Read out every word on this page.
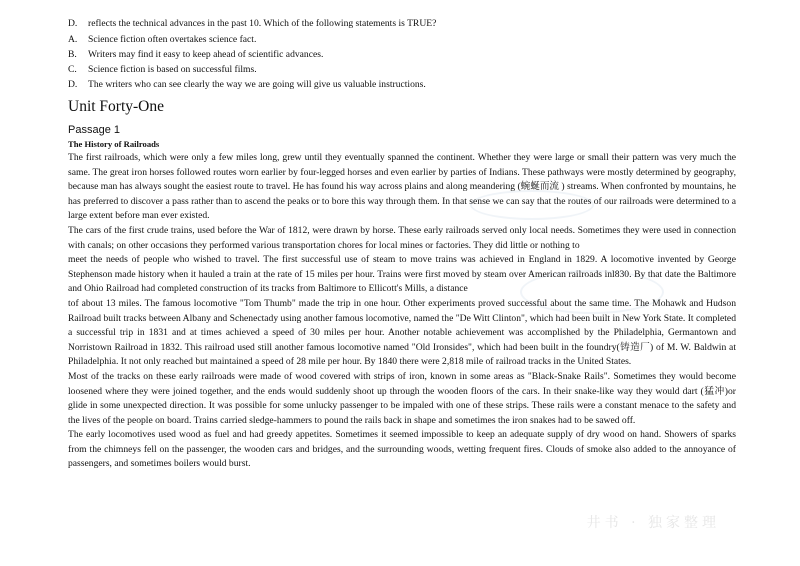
D. reflects the technical advances in the past 10. Which of the following statements is TRUE?
A. Science fiction often overtakes science fact.
B. Writers may find it easy to keep ahead of scientific advances.
C. Science fiction is based on successful films.
D. The writers who can see clearly the way we are going will give us valuable instructions.
Unit Forty-One
Passage 1
The History of Railroads

The first railroads, which were only a few miles long, grew until they eventually spanned the continent. Whether they were large or small their pattern was very much the same. The great iron horses followed routes worn earlier by four-legged horses and even earlier by parties of Indians. These pathways were mostly determined by geography, because man has always sought the easiest route to travel. He has found his way across plains and along meandering (蜿蜒而流 ) streams. When confronted by mountains, he has preferred to discover a pass rather than to ascend the peaks or to bore this way through them. In that sense we can say that the routes of our railroads were determined to a large extent before man ever existed.

The cars of the first crude trains, used before the War of 1812, were drawn by horse. These early railroads served only local needs. Sometimes they were used in connection with canals; on other occasions they performed various transportation chores for local mines or factories. They did little or nothing to

meet the needs of people who wished to travel. The first successful use of steam to move trains was achieved in England in 1829. A locomotive invented by George Stephenson made history when it hauled a train at the rate of 15 miles per hour. Trains were first moved by steam over American railroads inl830. By that date the Baltimore and Ohio Railroad had completed construction of its tracks from Baltimore to Ellicott's Mills, a distance

tof about 13 miles. The famous locomotive "Tom Thumb" made the trip in one hour. Other experiments proved successful about the same time. The Mohawk and Hudson Railroad built tracks between Albany and Schenectady using another famous locomotive, named the "De Witt Clinton", which had been built in New York State. It completed a successful trip in 1831 and at times achieved a speed of 30 miles per hour. Another notable achievement was accomplished by the Philadelphia, Germantown and Norristown Railroad in 1832. This railroad used still another famous locomotive named "Old Ironsides", which had been built in the foundry(铸造厂) of M. W. Baldwin at Philadelphia. It not only reached but maintained a speed of 28 mile per hour. By 1840 there were 2,818 mile of railroad tracks in the United States.

Most of the tracks on these early railroads were made of wood covered with strips of iron, known in some areas as "Black-Snake Rails". Sometimes they would become loosened where they were joined together, and the ends would suddenly shoot up through the wooden floors of the cars. In their snake-like way they would dart (猛冲)or glide in some unexpected direction. It was possible for some unlucky passenger to be impaled with one of these strips. These rails were a constant menace to the safety and the lives of the people on board. Trains carried sledge-hammers to pound the rails back in shape and sometimes the iron snakes had to be sawed off.

The early locomotives used wood as fuel and had greedy appetites. Sometimes it seemed impossible to keep an adequate supply of dry wood on hand. Showers of sparks from the chimneys fell on the passenger, the wooden cars and bridges, and the surrounding woods, wetting frequent fires. Clouds of smoke also added to the annoyance of passengers, and sometimes boilers would burst.

井书 · 独家整理
